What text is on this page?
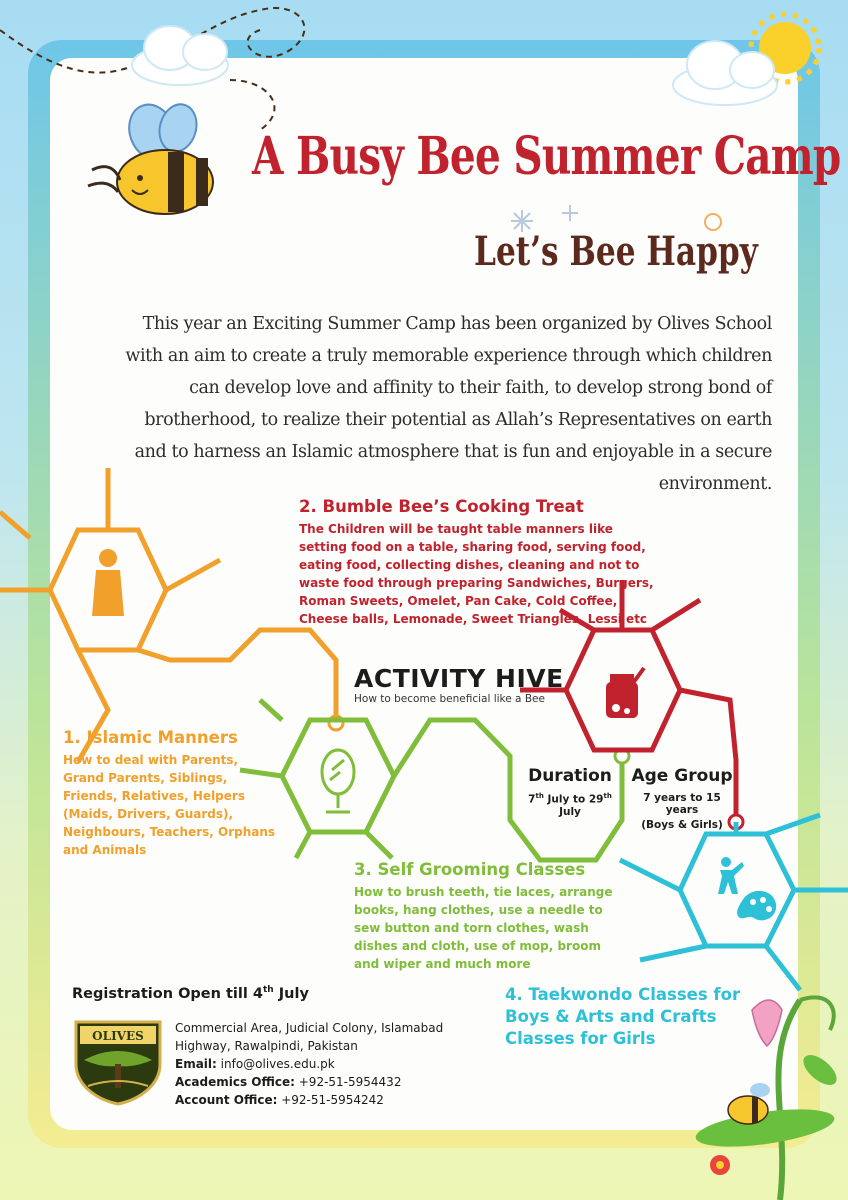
A Busy Bee Summer Camp
Let’s Bee Happy

This year an Exciting Summer Camp has been organized by Olives School with an aim to create a truly memorable experience through which children can develop love and affinity to their faith, to develop strong bond of brotherhood, to realize their potential as Allah’s Representatives on earth and to harness an Islamic atmosphere that is fun and enjoyable in a secure environment.

2. Bumble Bee’s Cooking Treat
The Children will be taught table manners like
setting food on a table, sharing food, serving food,
eating food, collecting dishes, cleaning and not to
waste food through preparing Sandwiches, Burgers,
Roman Sweets, Omelet, Pan Cake, Cold Coffee,
Cheese balls, Lemonade, Sweet Triangles, Lessi etc
ACTIVITY HIVE
How to become beneficial like a Bee
1. Islamic Manners
How to deal with Parents,
Grand Parents, Siblings,
Friends, Relatives, Helpers
(Maids, Drivers, Guards),
Neighbours, Teachers, Orphans
and Animals
Duration
7th July to 29th July
Age Group
7 years to 15 years
(Boys & Girls)
3. Self Grooming Classes
How to brush teeth, tie laces, arrange
books, hang clothes, use a needle to
sew button and torn clothes, wash
dishes and cloth, use of mop, broom
and wiper and much more
4. Taekwondo Classes for
Boys & Arts and Crafts
Classes for Girls
Registration Open till 4th July
OLIVES
Commercial Area, Judicial Colony, Islamabad
Highway, Rawalpindi, Pakistan
Email: info@olives.edu.pk
Academics Office: +92-51-5954432
Account Office: +92-51-5954242
